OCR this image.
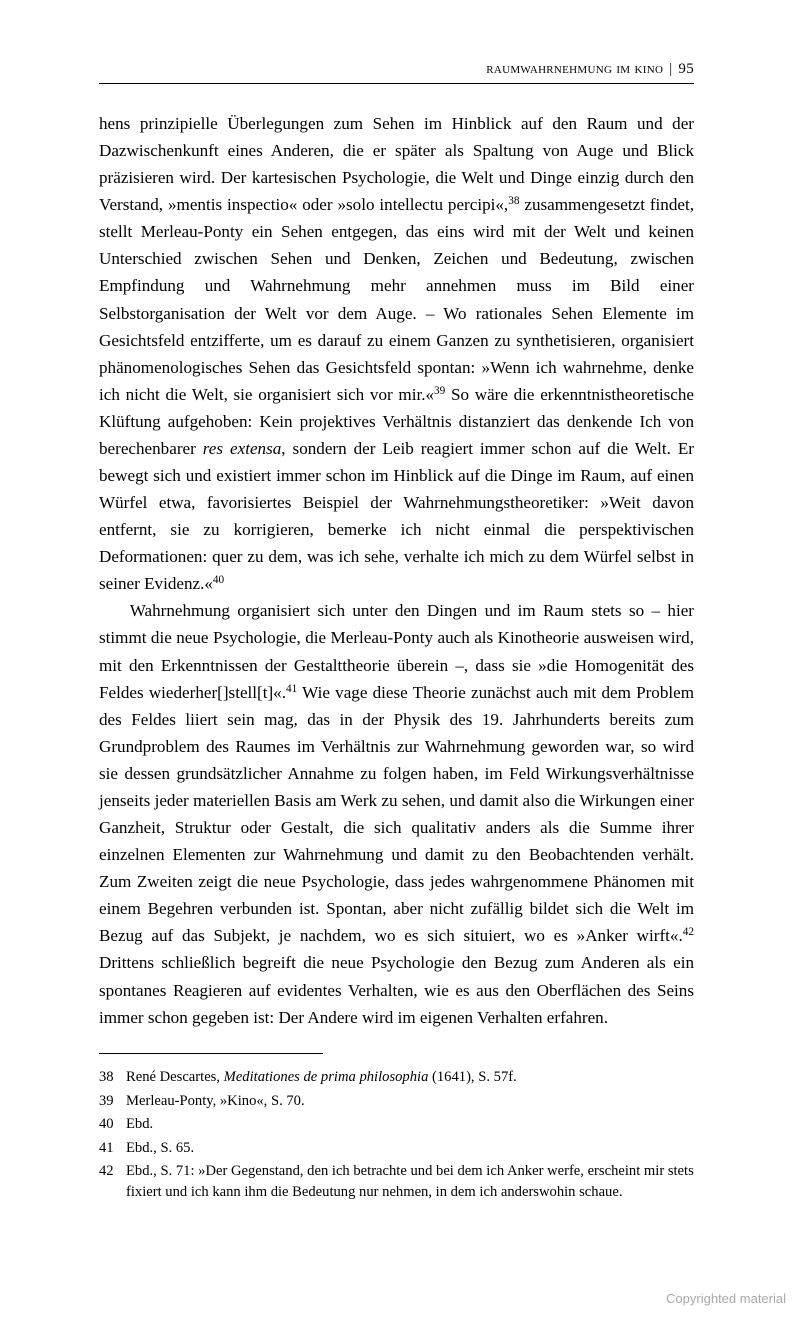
raumwahrnehmung im kino | 95

hens prinzipielle Überlegungen zum Sehen im Hinblick auf den Raum und der Dazwischenkunft eines Anderen, die er später als Spaltung von Auge und Blick präzisieren wird. Der kartesischen Psychologie, die Welt und Dinge einzig durch den Verstand, »mentis inspectio« oder »solo intellectu percipi«,$^{38}$ zusammengesetzt findet, stellt Merleau-Ponty ein Sehen entgegen, das eins wird mit der Welt und keinen Unterschied zwischen Sehen und Denken, Zeichen und Bedeutung, zwischen Empfindung und Wahrnehmung mehr annehmen muss im Bild einer Selbstorganisation der Welt vor dem Auge. – Wo rationales Sehen Elemente im Gesichtsfeld entzifferte, um es darauf zu einem Ganzen zu synthetisieren, organisiert phänomenologisches Sehen das Gesichtsfeld spontan: »Wenn ich wahrnehme, denke ich nicht die Welt, sie organisiert sich vor mir.«$^{39}$ So wäre die erkenntnistheoretische Klüftung aufgehoben: Kein projektives Verhältnis distanziert das denkende Ich von berechenbarer res extensa, sondern der Leib reagiert immer schon auf die Welt. Er bewegt sich und existiert immer schon im Hinblick auf die Dinge im Raum, auf einen Würfel etwa, favorisiertes Beispiel der Wahrnehmungstheoretiker: »Weit davon entfernt, sie zu korrigieren, bemerke ich nicht einmal die perspektivischen Deformationen: quer zu dem, was ich sehe, verhalte ich mich zu dem Würfel selbst in seiner Evidenz.«$^{40}$

Wahrnehmung organisiert sich unter den Dingen und im Raum stets so – hier stimmt die neue Psychologie, die Merleau-Ponty auch als Kinotheorie ausweisen wird, mit den Erkenntnissen der Gestalttheorie überein –, dass sie »die Homogenität des Feldes wiederher[]stell[t]«.$^{41}$ Wie vage diese Theorie zunächst auch mit dem Problem des Feldes liiert sein mag, das in der Physik des 19. Jahrhunderts bereits zum Grundproblem des Raumes im Verhältnis zur Wahrnehmung geworden war, so wird sie dessen grundsätzlicher Annahme zu folgen haben, im Feld Wirkungsverhältnisse jenseits jeder materiellen Basis am Werk zu sehen, und damit also die Wirkungen einer Ganzheit, Struktur oder Gestalt, die sich qualitativ anders als die Summe ihrer einzelnen Elementen zur Wahrnehmung und damit zu den Beobachtenden verhält. Zum Zweiten zeigt die neue Psychologie, dass jedes wahrgenommene Phänomen mit einem Begehren verbunden ist. Spontan, aber nicht zufällig bildet sich die Welt im Bezug auf das Subjekt, je nachdem, wo es sich situiert, wo es »Anker wirft«.$^{42}$ Drittens schließlich begreift die neue Psychologie den Bezug zum Anderen als ein spontanes Reagieren auf evidentes Verhalten, wie es aus den Oberflächen des Seins immer schon gegeben ist: Der Andere wird im eigenen Verhalten erfahren.

38 René Descartes, Meditationes de prima philosophia (1641), S. 57f.
39 Merleau-Ponty, »Kino«, S. 70.
40 Ebd.
41 Ebd., S. 65.
42 Ebd., S. 71: »Der Gegenstand, den ich betrachte und bei dem ich Anker werfe, erscheint mir stets fixiert und ich kann ihm die Bedeutung nur nehmen, in dem ich anderswohin schaue.
Copyrighted material
